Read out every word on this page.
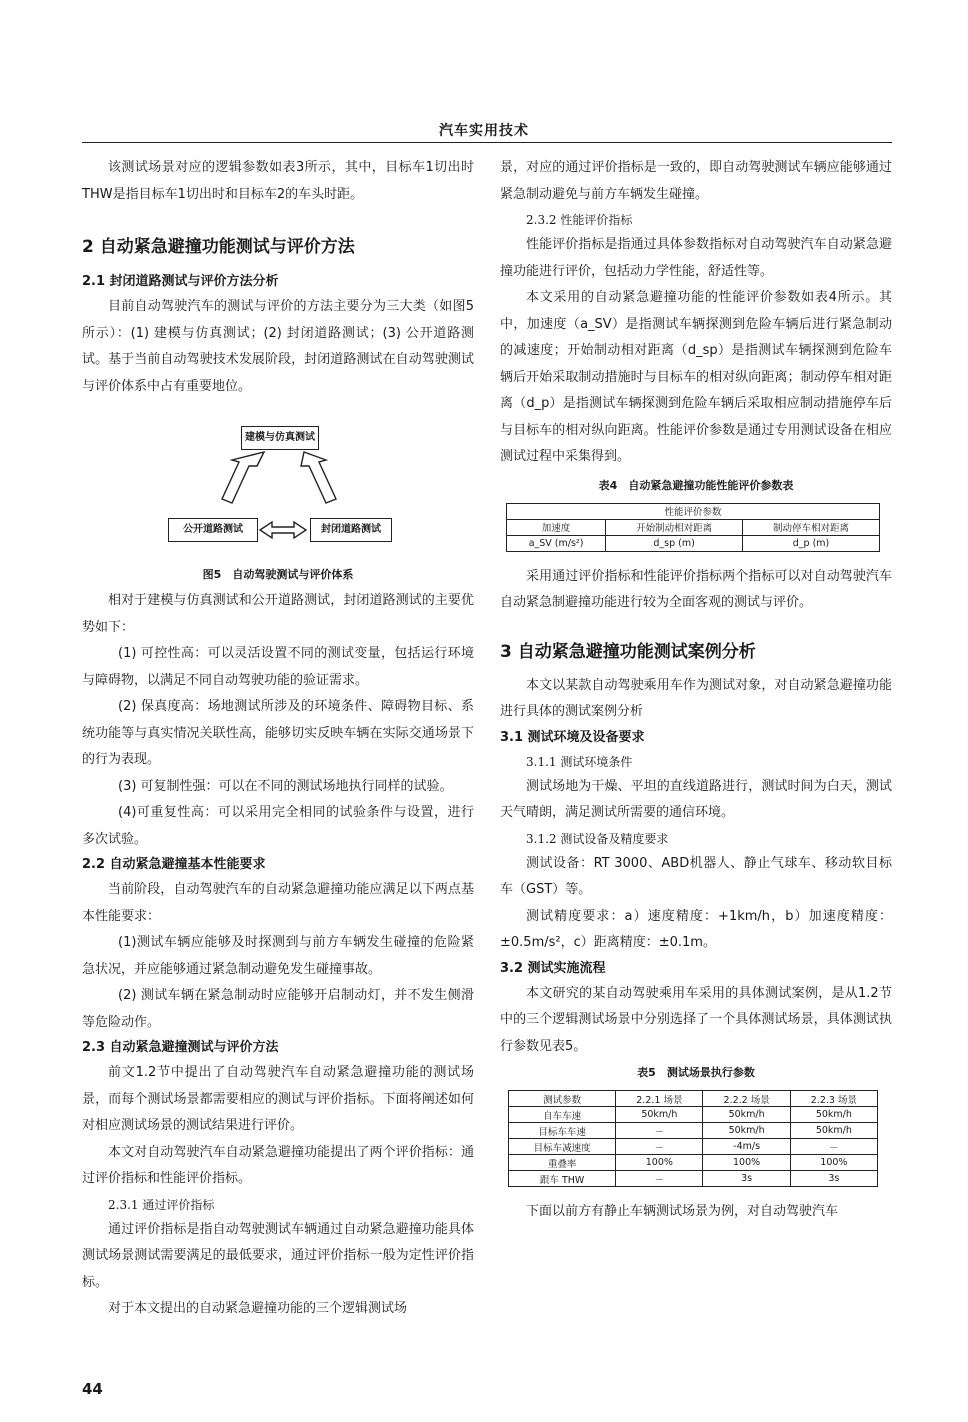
汽车实用技术

该测试场景对应的逻辑参数如表3所示，其中，目标车1切出时THW是指目标车1切出时和目标车2的车头时距。

2 自动紧急避撞功能测试与评价方法
2.1 封闭道路测试与评价方法分析

目前自动驾驶汽车的测试与评价的方法主要分为三大类（如图5所示）：(1) 建模与仿真测试；(2) 封闭道路测试；(3) 公开道路测试。基于当前自动驾驶技术发展阶段，封闭道路测试在自动驾驶测试与评价体系中占有重要地位。

建模与仿真测试
公开道路测试	封闭道路测试
图5　自动驾驶测试与评价体系

相对于建模与仿真测试和公开道路测试，封闭道路测试的主要优势如下：

(1) 可控性高：可以灵活设置不同的测试变量，包括运行环境与障碍物，以满足不同自动驾驶功能的验证需求。

(2) 保真度高：场地测试所涉及的环境条件、障碍物目标、系统功能等与真实情况关联性高，能够切实反映车辆在实际交通场景下的行为表现。

(3) 可复制性强：可以在不同的测试场地执行同样的试验。

(4)可重复性高：可以采用完全相同的试验条件与设置，进行多次试验。

2.2 自动紧急避撞基本性能要求

当前阶段，自动驾驶汽车的自动紧急避撞功能应满足以下两点基本性能要求：

(1)测试车辆应能够及时探测到与前方车辆发生碰撞的危险紧急状况，并应能够通过紧急制动避免发生碰撞事故。

(2) 测试车辆在紧急制动时应能够开启制动灯，并不发生侧滑等危险动作。

2.3 自动紧急避撞测试与评价方法

前文1.2节中提出了自动驾驶汽车自动紧急避撞功能的测试场景，而每个测试场景都需要相应的测试与评价指标。下面将阐述如何对相应测试场景的测试结果进行评价。

本文对自动驾驶汽车自动紧急避撞功能提出了两个评价指标：通过评价指标和性能评价指标。

2.3.1 通过评价指标

通过评价指标是指自动驾驶测试车辆通过自动紧急避撞功能具体测试场景测试需要满足的最低要求，通过评价指标一般为定性评价指标。

对于本文提出的自动紧急避撞功能的三个逻辑测试场

景，对应的通过评价指标是一致的，即自动驾驶测试车辆应能够通过紧急制动避免与前方车辆发生碰撞。

2.3.2 性能评价指标

性能评价指标是指通过具体参数指标对自动驾驶汽车自动紧急避撞功能进行评价，包括动力学性能，舒适性等。

本文采用的自动紧急避撞功能的性能评价参数如表4所示。其中，加速度（a_SV）是指测试车辆探测到危险车辆后进行紧急制动的减速度；开始制动相对距离（d_sp）是指测试车辆探测到危险车辆后开始采取制动措施时与目标车的相对纵向距离；制动停车相对距离（d_p）是指测试车辆探测到危险车辆后采取相应制动措施停车后与目标车的相对纵向距离。性能评价参数是通过专用测试设备在相应测试过程中采集得到。

表4　自动紧急避撞功能性能评价参数表
性能评价参数		
加速度	开始制动相对距离	制动停车相对距离
a_SV (m/s²)	d_sp (m)	d_p (m)

采用通过评价指标和性能评价指标两个指标可以对自动驾驶汽车自动紧急制避撞功能进行较为全面客观的测试与评价。

3 自动紧急避撞功能测试案例分析

本文以某款自动驾驶乘用车作为测试对象，对自动紧急避撞功能进行具体的测试案例分析

3.1 测试环境及设备要求
3.1.1 测试环境条件

测试场地为干燥、平坦的直线道路进行，测试时间为白天，测试天气晴朗，满足测试所需要的通信环境。

3.1.2 测试设备及精度要求

测试设备：RT 3000、ABD机器人、静止气球车、移动软目标车（GST）等。

测试精度要求：a）速度精度：+1km/h，b）加速度精度：±0.5m/s²，c）距离精度：±0.1m。

3.2 测试实施流程

本文研究的某自动驾驶乘用车采用的具体测试案例，是从1.2节中的三个逻辑测试场景中分别选择了一个具体测试场景，具体测试执行参数见表5。

表5　测试场景执行参数
测试参数	2.2.1 场景	2.2.2 场景	2.2.3 场景
自车车速	50km/h	50km/h	50km/h
目标车车速	－	50km/h	50km/h
目标车减速度	－	-4m/s	－
重叠率	100%	100%	100%
跟车 THW	－	3s	3s

下面以前方有静止车辆测试场景为例，对自动驾驶汽车

44
